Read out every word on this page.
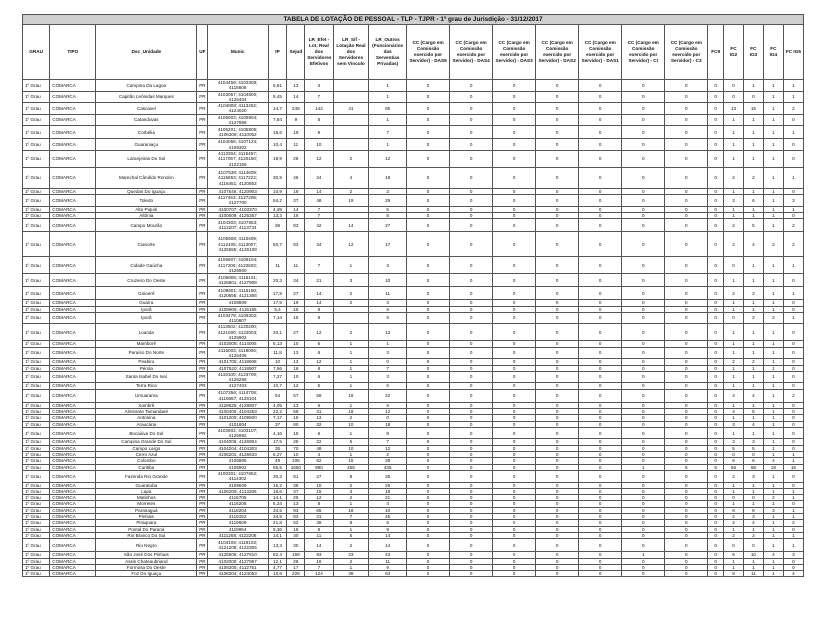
TABELA DE LOTAÇÃO DE PESSOAL - TLP - TJPR - 1º grau de Jurisdição - 31/12/2017																					
GRAU	TIPO	Dsc_Unidade	UF	Munic	IP	Sejud	LR_Efet - Lot. Real dos Servidores Efetivos	LR_Sif - Lotação Real dos Servidores sem Vínculo	LR_Outros (Funcionários das Serventias Privadas)	CC (Cargo em Comissão exercido por Servidor) - DAS5	CC (Cargo em Comissão exercido por Servidor) - DAS4	CC (Cargo em Comissão exercido por Servidor) - DAS3	CC (Cargo em Comissão exercido por Servidor) - DAS2	CC (Cargo em Comissão exercido por Servidor) - DAS1	CC (Cargo em Comissão exercido por Servidor) - CI	CC (Cargo em Comissão exercido por Servidor) - C3	FC9	FC IG2	FC IG3	FC IG4	FC IG5
1º Grau	COMARCA	Campina Da Lagoa	PR	4104459; 4103309; 4115606	5,81	13	3		1	0	0	0	0	0	0	0	0	0	1	1	1
1º Grau	COMARCA	Capitão Leônidas Marques	PR	4103057; 4104600; 4126404	8,45	14	7		1	0	0	0	0	0	0	0	0	0	0	1	1
1º Grau	COMARCA	Cascavel	PR	4104808; 4113452; 4124020	14,7	249	142	41	66	0	0	0	0	0	0	0	0	13	15	1	2
1º Grau	COMARCA	Catanduvas	PR	4105003; 4105904; 4127858	7,84	9	8		1	0	0	0	0	0	0	0	0	1	1	1	0
1º Grau	COMARCA	Corbélia	PR	4105201; 4105805; 4106308; 4110052	15,6	19	9		7	0	0	0	0	0	0	0	0	1	1	1	1
1º Grau	COMARCA	Guaraniaçu	PR	4104056; 4107124; 4109302	10,4	11	10		1	0	0	0	0	0	0	0	0	1	1	1	0
1º Grau	COMARCA	Laranjeiras Do Sul	PR	4113304; 4115457; 4117057; 4120150; 4122156	18,9	28	12	2	12	0	0	0	0	0	0	0	0	1	1	1	0
1º Grau	COMARCA	Marechal Cândido Rondon	PR	4107538; 4114609; 4115853; 4117222; 4118451; 4120853	30,9	46	24	4	18	0	0	0	0	0	0	0	0	2	2	1	1
1º Grau	COMARCA	Quedas Do Iguaçu	PR	4107546; 4120903	10,9	19	14	2	3	0	0	0	0	0	0	0	0	1	1	1	0
1º Grau	COMARCA	Toledo	PR	4117453; 4127205; 4127700	54,2	37	48	19	29	0	0	0	0	0	0	0	0	3	6	1	3
1º Grau	COMARCA	Alto Piquiri	PR	4100707; 4103370	4,39	14	7		5	0	0	0	0	0	0	0	0	1	1	1	1
1º Grau	COMARCA	Altônia	PR	4100509; 4125357	13,3	16	7		8	0	0	0	0	0	0	0	0	1	1	1	0
1º Grau	COMARCA	Campo Mourão	PR	4104303; 4107553; 4112207; 4113734	38	83	42	14	27	0	0	0	0	0	0	0	0	2	5	1	2
1º Grau	COMARCA	Cianorte	PR	4105508; 4110409; 4112405; 4113007; 4125555; 4126108	50,7	63	34	12	17	0	0	0	0	0	0	0	0	2	4	2	2
1º Grau	COMARCA	Cidade Gaúcha	PR	4105607; 4109104; 4117206; 4122602; 4126900	11	11	7	1	3	0	0	0	0	0	0	0	0	0	1	1	1
1º Grau	COMARCA	Cruzeiro Do Oeste	PR	4106605; 4115101; 4126801; 4127908	20,3	34	21	3	10	0	0	0	0	0	0	0	0	1	1	1	0
1º Grau	COMARCA	Goioerê	PR	4108601; 4115150; 4120655; 4121356	17,9	27	14	2	11	0	0	0	0	0	0	0	0	2	2	1	1
1º Grau	COMARCA	Guaíra	PR	4108809	17,5	19	14	2	3	0	0	0	0	0	0	0	0	1	1	1	0
1º Grau	COMARCA	Iporã	PR	4109906; 4115155	5,4	15	8		6	0	0	0	0	0	0	0	0	1	1	1	0
1º Grau	COMARCA	Iporã	PR	4103479; 4106302; 4110607	7,14	15	8		6	0	0	0	0	0	0	0	0	0	2	2	1
1º Grau	COMARCA	Loanda	PR	4113502; 4120200; 4121000; 4123003; 4125902	20,1	27	12	2	13	0	0	0	0	0	0	0	0	1	1	1	0
1º Grau	COMARCA	Mamborê	PR	4103008; 4114005	5,13	10	6	1	1	0	0	0	0	0	0	0	0	1	1	1	0
1º Grau	COMARCA	Paraíso Do Norte	PR	4115003; 4118006; 4126406	11,8	13	6	1	3	0	0	0	0	0	0	0	0	1	1	1	0
1º Grau	COMARCA	Peabiru	PR	4101705; 4118608	10	13	12	1	0	0	0	0	0	0	0	0	0	2	2	1	0
1º Grau	COMARCA	Pérola	PR	4107520; 4118907	7,56	16	8	1	7	0	0	0	0	0	0	0	0	1	1	1	0
1º Grau	COMARCA	Santa Isabel Do Ivaí	PR	4119100; 4123709; 4126256	7,27	10	6	1	3	0	0	0	0	0	0	0	0	1	1	1	0
1º Grau	COMARCA	Terra Rica	PR	4127403	10,7	12	5	1	6	0	0	0	0	0	0	0	0	1	1	1	0
1º Grau	COMARCA	Umuarama	PR	4107256; 4114708; 4116857; 4128104	54	57	59	16	22	0	0	0	0	0	0	0	0	4	4	1	2
1º Grau	COMARCA	Xambrê	PR	4128625; 4128807	4,05	13	6	1	6	0	0	0	0	0	0	0	0	1	1	1	0
1º Grau	COMARCA	Almirante Tamandaré	PR	4100400; 4104253	22,2	59	31	18	12	0	0	0	0	0	0	0	0	4	5	1	0
1º Grau	COMARCA	Antonina	PR	4101200; 4109500	7,17	15	13	2	0	0	0	0	0	0	0	0	0	1	1	1	0
1º Grau	COMARCA	Araucária	PR	4101804	37	80	32	10	18	0	0	0	0	0	0	0	0	3	4	1	0
1º Grau	COMARCA	Bocaiúva Do Sul	PR	4102802; 4103107; 4125982	4,16	15	6	1	8	0	0	0	0	0	0	0	0	1	1	1	0
1º Grau	COMARCA	Campina Grande Do Sul	PR	4104006; 4126904	17,5	25	22	5	7	0	0	0	0	0	0	0	0	3	3	1	0
1º Grau	COMARCA	Campo Largo	PR	4104204; 4104303	35	70	48	10	12	0	0	0	0	0	0	0	0	5	5	1	0
1º Grau	COMARCA	Cerro Azul	PR	4105201; 4126633	5,27	10	4	1	2	0	0	0	0	0	0	0	0	0	0	1	1
1º Grau	COMARCA	Colombo	PR	4105805	49	106	62	15	28	0	0	0	0	0	0	0	0	6	6	4	1
1º Grau	COMARCA	Curitiba	PR	4106902	65,5	1650	980	255	435	0	0	0	0	0	1	5	5	56	68	18	15
1º Grau	COMARCA	Fazenda Rio Grande	PR	4100301; 4107652; 4114302	30,3	61	27	8	26	0	0	0	0	0	0	0	0	2	3	1	0
1º Grau	COMARCA	Guaratuba	PR	4109609	15,2	38	10	2	26	0	0	0	0	0	0	0	0	1	1	1	0
1º Grau	COMARCA	Lapa	PR	4106209; 4113205	16,6	37	15	3	18	0	0	0	0	0	0	0	0	1	1	1	1
1º Grau	COMARCA	Matinhos	PR	4115705	14,1	25	12	2	21	0	0	0	0	0	0	0	0	0	0	2	1
1º Grau	COMARCA	Morretes	PR	4116208	5,24	13	8	1	4	0	0	0	0	0	0	0	0	1	1	1	0
1º Grau	COMARCA	Paranaguá	PR	4118204	34,5	93	65	18	10	0	0	0	0	0	0	0	0	6	6	3	1
1º Grau	COMARCA	Pinhais	PR	4119152	34,5	83	31	7	45	0	0	0	0	0	0	0	0	2	3	1	1
1º Grau	COMARCA	Piraquara	PR	4119509	21,8	52	38	8	6	0	0	0	0	0	0	0	0	2	4	1	2
1º Grau	COMARCA	Pontal Do Paraná	PR	4119954	9,36	19	9	1	9	0	0	0	0	0	0	0	0	1	1	1	0
1º Grau	COMARCA	Rio Branco Do Sul	PR	4111258; 4122206	14,1	30	11	5	14	0	0	0	0	0	0	0	0	2	2	1	1
1º Grau	COMARCA	Rio Negro	PR	4104105; 4119103; 4121208; 4122305	13,3	30	14	2	14	0	0	0	0	0	0	0	0	0	0	1	1
1º Grau	COMARCA	São José Dos Pinhais	PR	4125506; 4127610	82,4	159	93	23	43	0	0	0	0	0	1	0	0	6	10	4	3
1º Grau	COMARCA	Assis Chateaubriand	PR	4102000; 4127957	12,1	28	16	2	11	0	0	0	0	0	0	0	0	1	1	1	0
1º Grau	COMARCA	Formosa Do Oeste	PR	4108205; 4112751	4,77	17	7	1	9	0	0	0	0	0	0	0	0	1	1	1	0
1º Grau	COMARCA	Foz Do Iguaçu	PR	4108304; 4124053	10,6	226	124	38	64	0	0	0	0	0	0	0	0	8	11	1	4
